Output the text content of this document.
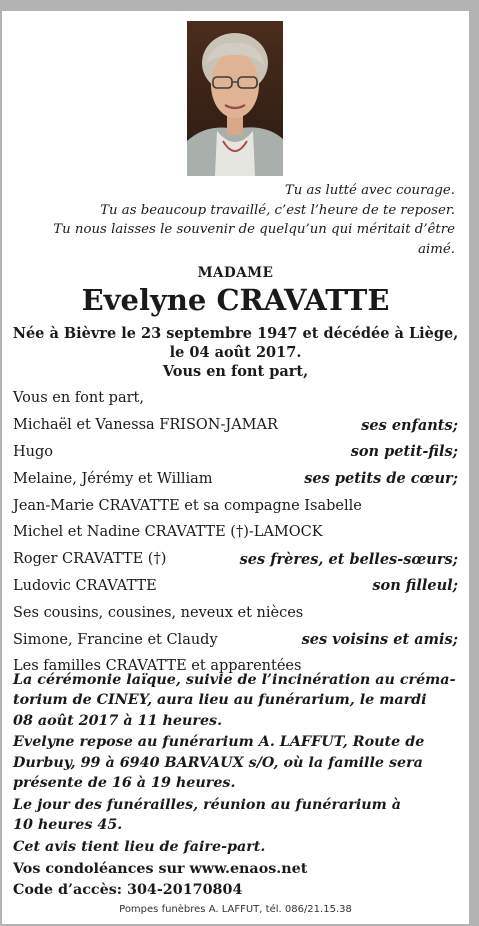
Tu as lutté avec courage.
Tu as beaucoup travaillé, c’est l’heure de te reposer.
Tu nous laisses le souvenir de quelqu’un qui méritait d’être
aimé.
MADAME
Evelyne CRAVATTE
Née à Bièvre le 23 septembre 1947 et décédée à Liège,
le 04 août 2017.
Vous en font part,
Vous en font part,
Michaël et Vanessa FRISON-JAMAR	ses enfants;
Hugo	son petit-fils;
Melaine, Jérémy et William	ses petits de cœur;
Jean-Marie CRAVATTE et sa compagne Isabelle
Michel et Nadine CRAVATTE (†)-LAMOCK
Roger CRAVATTE (†)	ses frères, et belles-sœurs;
Ludovic CRAVATTE	son filleul;
Ses cousins, cousines, neveux et nièces
Simone, Francine et Claudy	ses voisins et amis;
Les familles CRAVATTE et apparentées
La cérémonie laïque, suivie de l’incinération au créma-
torium de CINEY, aura lieu au funérarium, le mardi
08 août 2017 à 11 heures.
Evelyne repose au funérarium A. LAFFUT, Route de
Durbuy, 99 à 6940 BARVAUX s/O, où la famille sera
présente de 16 à 19 heures.
Le jour des funérailles, réunion au funérarium à
10 heures 45.
Cet avis tient lieu de faire-part.
Vos condoléances sur www.enaos.net
Code d’accès: 304-20170804
Pompes funèbres A. LAFFUT, tél. 086/21.15.38
